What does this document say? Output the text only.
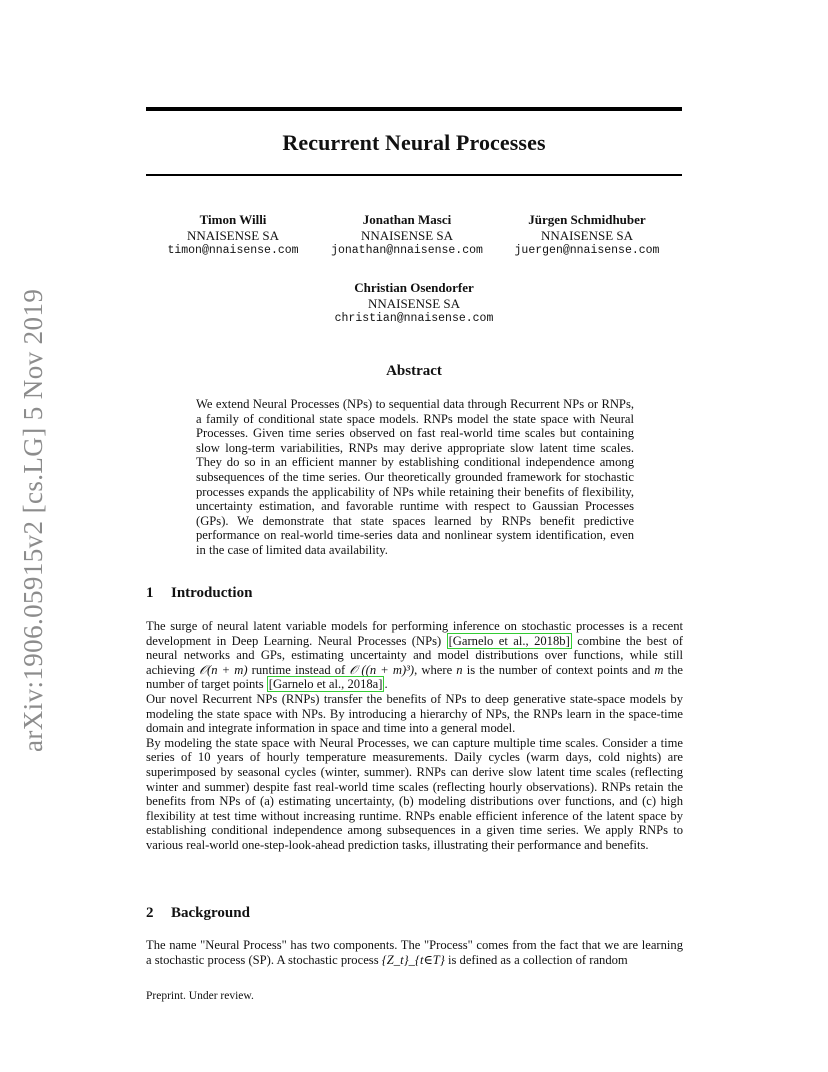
arXiv:1906.05915v2 [cs.LG] 5 Nov 2019
Recurrent Neural Processes
Timon Willi
NNAISENSE SA
timon@nnaisense.com
Jonathan Masci
NNAISENSE SA
jonathan@nnaisense.com
Jürgen Schmidhuber
NNAISENSE SA
juergen@nnaisense.com
Christian Osendorfer
NNAISENSE SA
christian@nnaisense.com
Abstract
We extend Neural Processes (NPs) to sequential data through Recurrent NPs or RNPs, a family of conditional state space models. RNPs model the state space with Neural Processes. Given time series observed on fast real-world time scales but containing slow long-term variabilities, RNPs may derive appropriate slow latent time scales. They do so in an efficient manner by establishing conditional independence among subsequences of the time series. Our theoretically grounded framework for stochastic processes expands the applicability of NPs while retaining their benefits of flexibility, uncertainty estimation, and favorable runtime with respect to Gaussian Processes (GPs). We demonstrate that state spaces learned by RNPs benefit predictive performance on real-world time-series data and nonlinear system identification, even in the case of limited data availability.
1 Introduction

The surge of neural latent variable models for performing inference on stochastic processes is a recent development in Deep Learning. Neural Processes (NPs) [Garnelo et al., 2018b] combine the best of neural networks and GPs, estimating uncertainty and model distributions over functions, while still achieving 𝒪(n + m) runtime instead of 𝒪 ((n + m)³), where n is the number of context points and m the number of target points [Garnelo et al., 2018a] .

Our novel Recurrent NPs (RNPs) transfer the benefits of NPs to deep generative state-space models by modeling the state space with NPs. By introducing a hierarchy of NPs, the RNPs learn in the space-time domain and integrate information in space and time into a general model.

By modeling the state space with Neural Processes, we can capture multiple time scales. Consider a time series of 10 years of hourly temperature measurements. Daily cycles (warm days, cold nights) are superimposed by seasonal cycles (winter, summer). RNPs can derive slow latent time scales (reflecting winter and summer) despite fast real-world time scales (reflecting hourly observations). RNPs retain the benefits from NPs of (a) estimating uncertainty, (b) modeling distributions over functions, and (c) high flexibility at test time without increasing runtime. RNPs enable efficient inference of the latent space by establishing conditional independence among subsequences in a given time series. We apply RNPs to various real-world one-step-look-ahead prediction tasks, illustrating their performance and benefits.

2 Background

The name "Neural Process" has two components. The "Process" comes from the fact that we are learning a stochastic process (SP). A stochastic process {Z_t}_{t∈T} is defined as a collection of random

Preprint. Under review.
